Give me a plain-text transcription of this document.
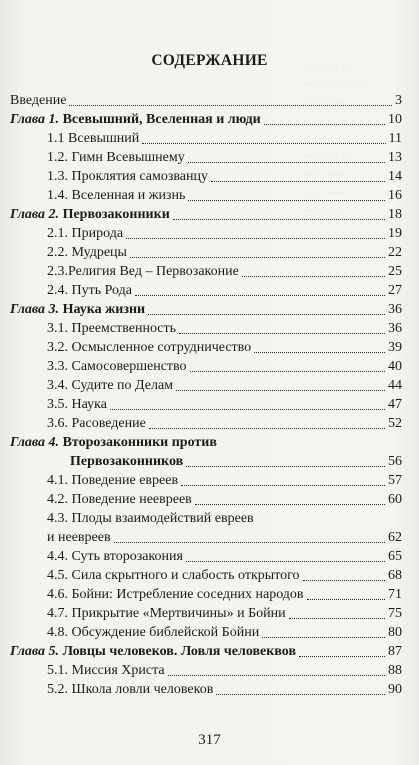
·· ······· ··· ··
··· ······· ·····
·· ···· ····
··· ····· ··
·· ·· ······
··· ······ ···
··· ·· ·····
·· ··· ·····
··· ····· ··
СОДЕРЖАНИЕ
Введение	3
Глава 1. Всевышний, Вселенная и люди	10
1.1 Всевышний	11
1.2. Гимн Всевышнему	13
1.3. Проклятия самозванцу	14
1.4. Вселенная и жизнь	16
Глава 2. Первозаконники	18
2.1. Природа	19
2.2. Мудрецы	22
2.3.Религия Вед – Первозаконие	25
2.4. Путь Рода	27
Глава 3. Наука жизни	36
3.1. Преемственность	36
3.2. Осмысленное сотрудничество	39
3.3. Самосовершенство	40
3.4. Судите по Делам	44
3.5. Наука	47
3.6. Расоведение	52
Глава 4. Второзаконники против
Первозаконников	56
4.1. Поведение евреев	57
4.2. Поведение неевреев	60
4.3. Плоды взаимодействий евреев
и неевреев	62
4.4. Суть второзакония	65
4.5. Сила скрытного и слабость открытого	68
4.6. Бойни: Истребление соседних народов	71
4.7. Прикрытие «Мертвичины» и Бойни	75
4.8. Обсуждение библейской Бойни	80
Глава 5. Ловцы человеков. Ловля человеквов	87
5.1. Миссия Христа	88
5.2. Школа ловли человеков	90
317
